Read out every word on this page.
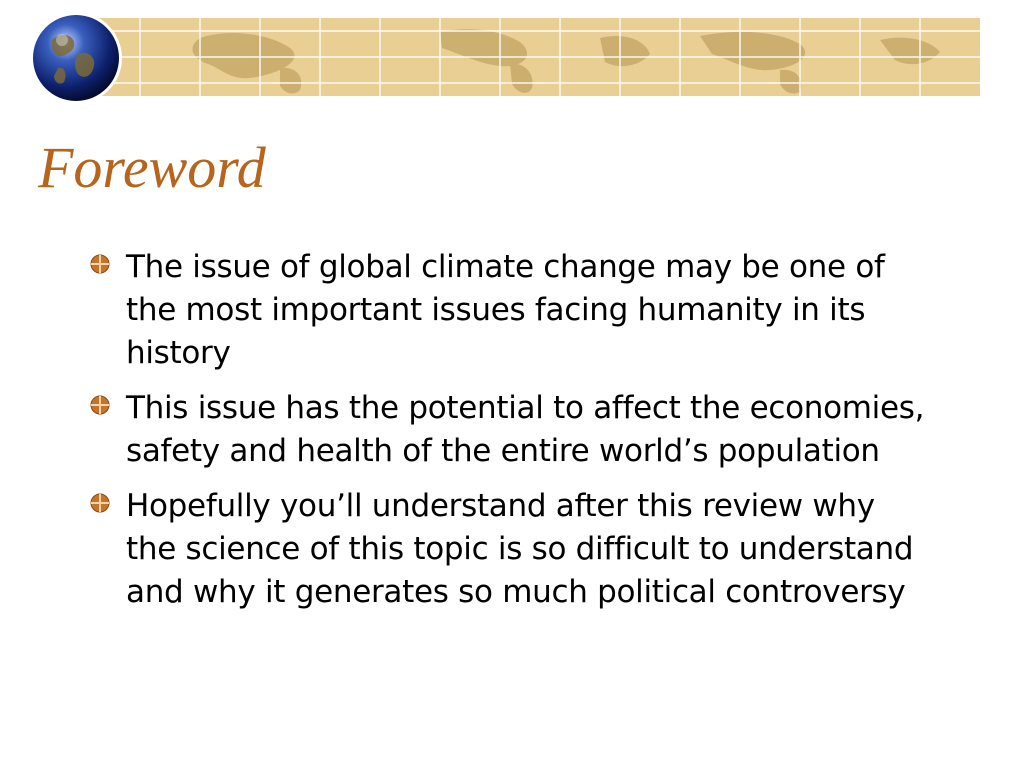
Foreword
The issue of global climate change may be one of the most important issues facing humanity in its history
This issue has the potential to affect the economies, safety and health of the entire world’s population
Hopefully you’ll understand after this review why the science of this topic is so difficult to understand and why it generates so much political controversy
